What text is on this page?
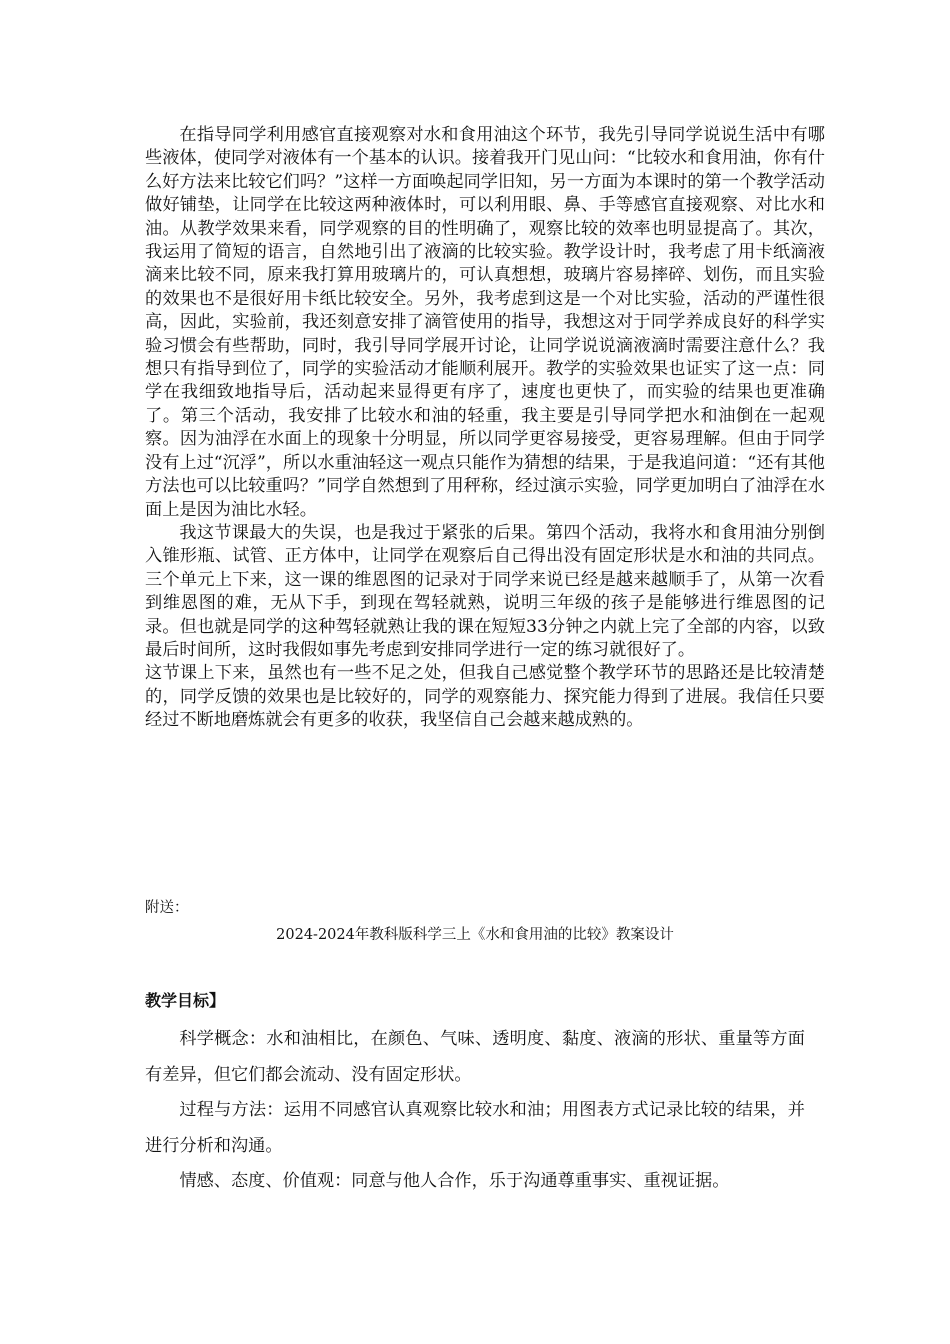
在指导同学利用感官直接观察对水和食用油这个环节，我先引导同学说说生活中有哪些液体，使同学对液体有一个基本的认识。接着我开门见山问：“比较水和食用油，你有什么好方法来比较它们吗？”这样一方面唤起同学旧知，另一方面为本课时的第一个教学活动做好铺垫，让同学在比较这两种液体时，可以利用眼、鼻、手等感官直接观察、对比水和油。从教学效果来看，同学观察的目的性明确了，观察比较的效率也明显提高了。其次，我运用了简短的语言，自然地引出了液滴的比较实验。教学设计时，我考虑了用卡纸滴液滴来比较不同，原来我打算用玻璃片的，可认真想想，玻璃片容易摔碎、划伤，而且实验的效果也不是很好用卡纸比较安全。另外，我考虑到这是一个对比实验，活动的严谨性很高，因此，实验前，我还刻意安排了滴管使用的指导，我想这对于同学养成良好的科学实验习惯会有些帮助，同时，我引导同学展开讨论，让同学说说滴液滴时需要注意什么？我想只有指导到位了，同学的实验活动才能顺利展开。教学的实验效果也证实了这一点：同学在我细致地指导后，活动起来显得更有序了，速度也更快了，而实验的结果也更准确了。第三个活动，我安排了比较水和油的轻重，我主要是引导同学把水和油倒在一起观察。因为油浮在水面上的现象十分明显，所以同学更容易接受，更容易理解。但由于同学没有上过“沉浮”，所以水重油轻这一观点只能作为猜想的结果，于是我追问道：“还有其他方法也可以比较重吗？”同学自然想到了用秤称，经过演示实验，同学更加明白了油浮在水面上是因为油比水轻。

我这节课最大的失误，也是我过于紧张的后果。第四个活动，我将水和食用油分别倒入锥形瓶、试管、正方体中，让同学在观察后自己得出没有固定形状是水和油的共同点。三个单元上下来，这一课的维恩图的记录对于同学来说已经是越来越顺手了，从第一次看到维恩图的难，无从下手，到现在驾轻就熟，说明三年级的孩子是能够进行维恩图的记录。但也就是同学的这种驾轻就熟让我的课在短短33分钟之内就上完了全部的内容，以致最后时间所，这时我假如事先考虑到安排同学进行一定的练习就很好了。

这节课上下来，虽然也有一些不足之处，但我自己感觉整个教学环节的思路还是比较清楚的，同学反馈的效果也是比较好的，同学的观察能力、探究能力得到了进展。我信任只要经过不断地磨炼就会有更多的收获，我坚信自己会越来越成熟的。

附送：
2024-2024年教科版科学三上《水和食用油的比较》教案设计
教学目标】

科学概念：水和油相比，在颜色、气味、透明度、黏度、液滴的形状、重量等方面有差异，但它们都会流动、没有固定形状。

过程与方法：运用不同感官认真观察比较水和油；用图表方式记录比较的结果，并进行分析和沟通。

情感、态度、价值观：同意与他人合作，乐于沟通尊重事实、重视证据。
